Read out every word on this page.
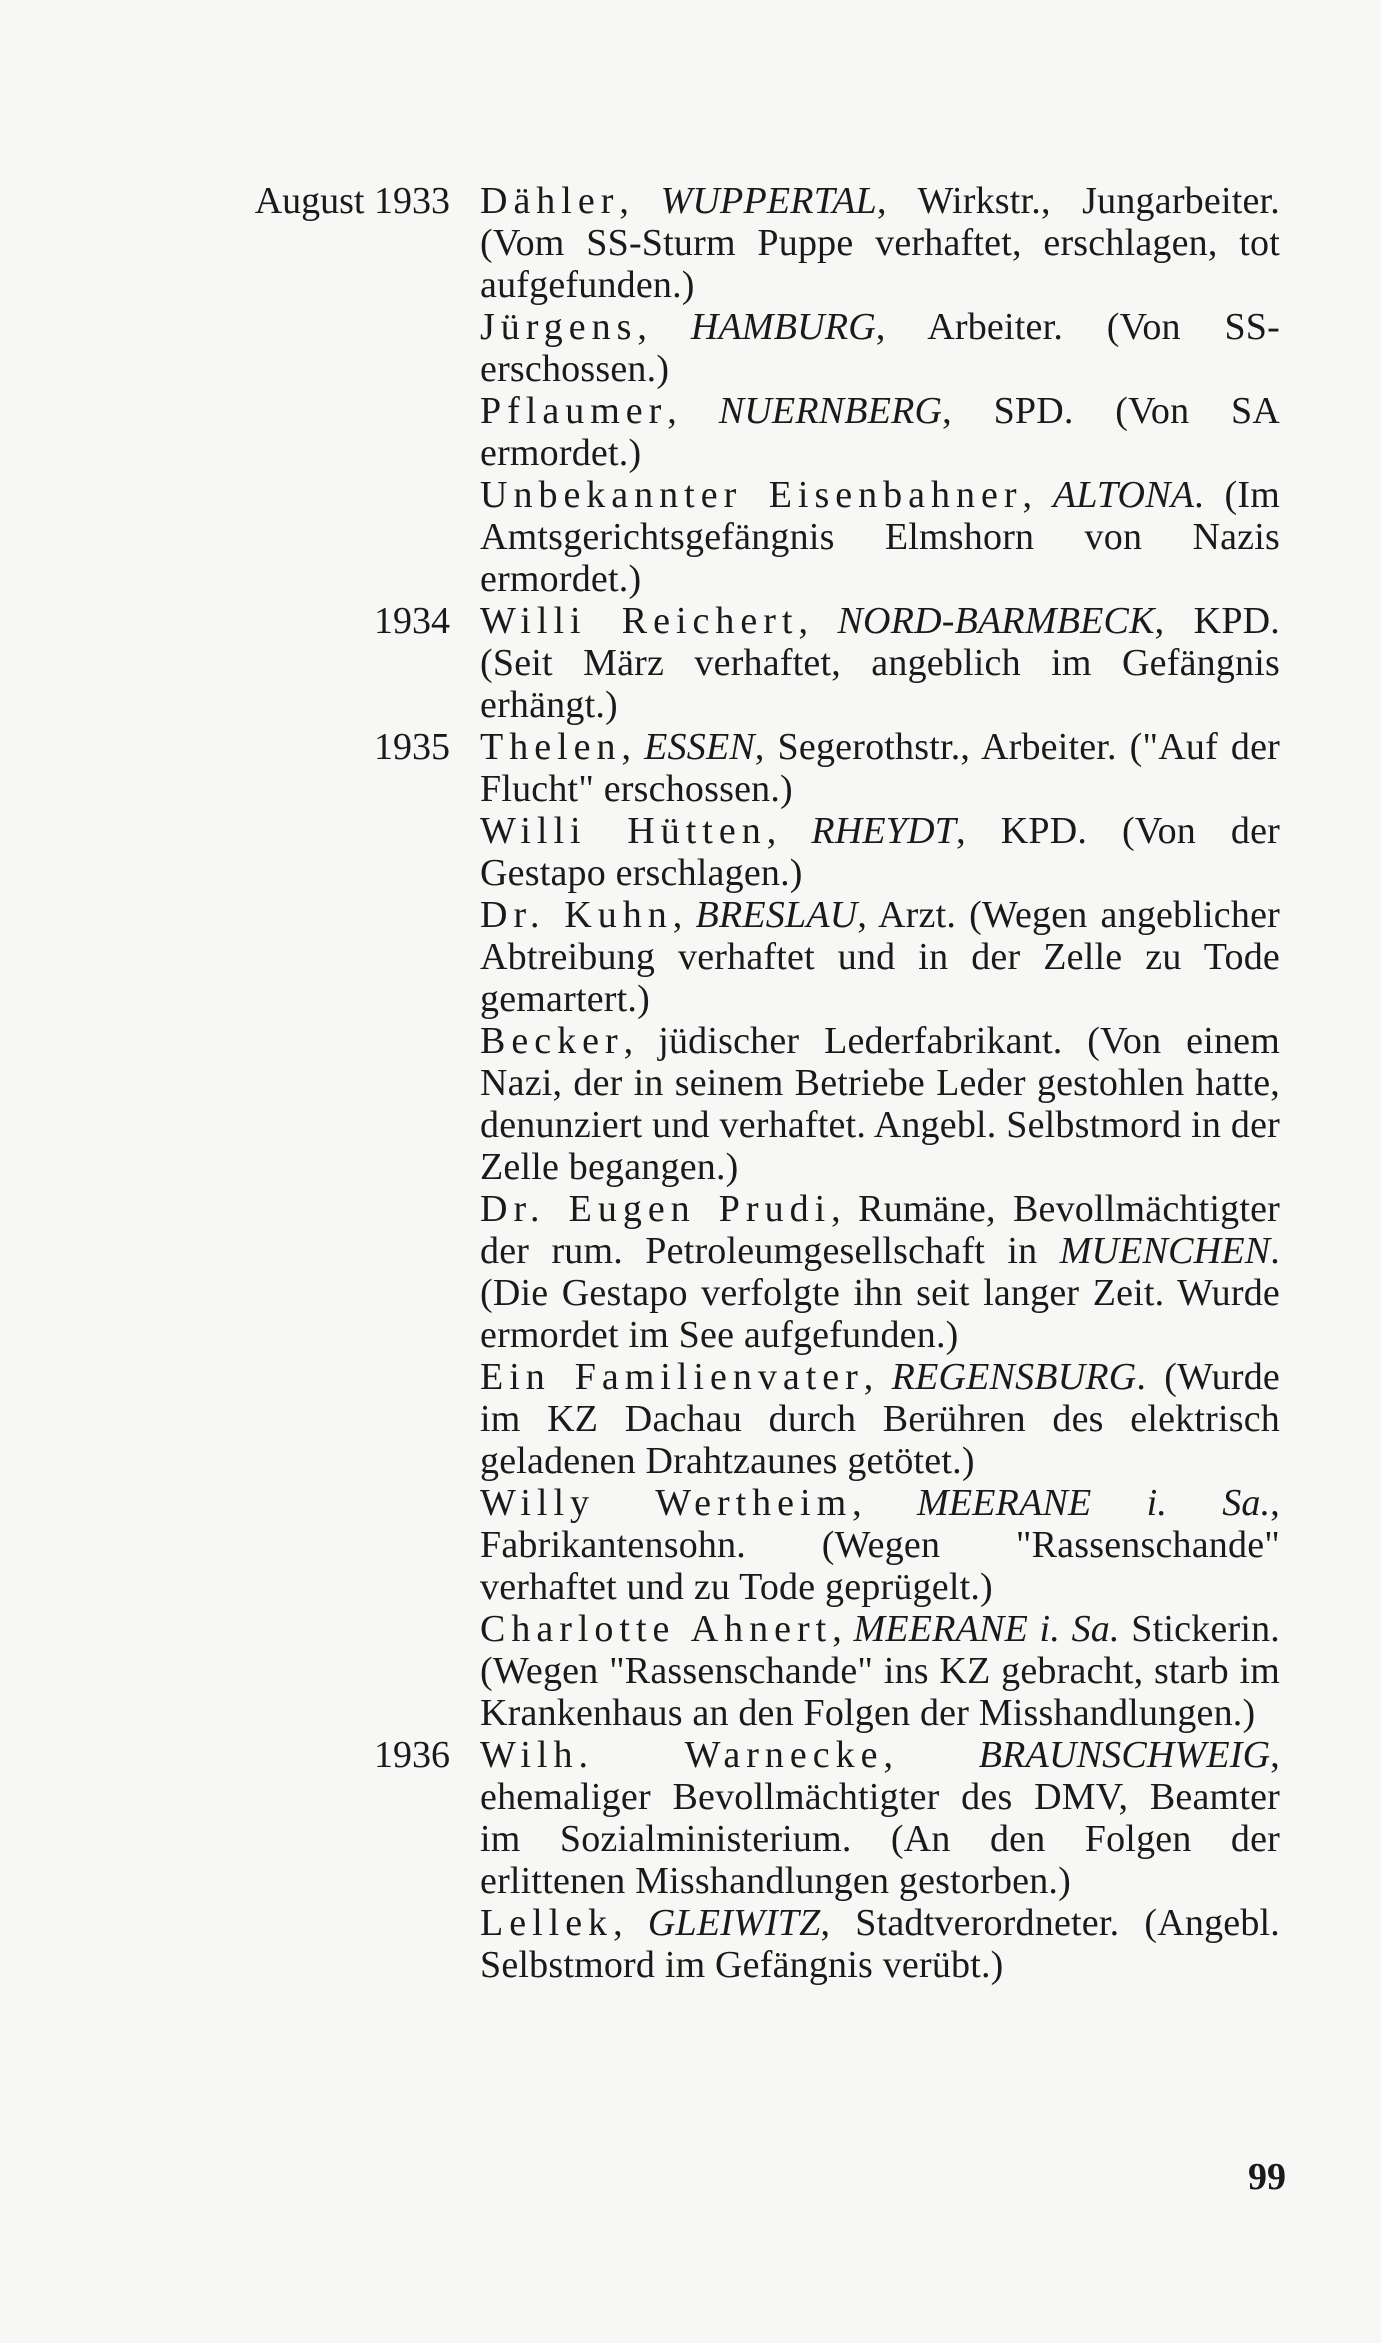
August 1933 Dähler, WUPPERTAL, Wirkstr., Jungarbeiter. (Vom SS-Sturm Puppe verhaftet, erschlagen, tot aufgefunden.)
Jürgens, HAMBURG, Arbeiter. (Von SS-erschossen.)
Pflaumer, NUERNBERG, SPD. (Von SA ermordet.)
Unbekannter Eisenbahner, ALTONA. (Im Amtsgerichtsgefängnis Elmshorn von Nazis ermordet.)
1934 Willi Reichert, NORD-BARMBECK, KPD. (Seit März verhaftet, angeblich im Gefängnis erhängt.)
1935 Thelen, ESSEN, Segerothstr., Arbeiter. ("Auf der Flucht" erschossen.)
Willi Hütten, RHEYDT, KPD. (Von der Gestapo erschlagen.)
Dr. Kuhn, BRESLAU, Arzt. (Wegen angeblicher Abtreibung verhaftet und in der Zelle zu Tode gemartert.)
Becker, jüdischer Lederfabrikant. (Von einem Nazi, der in seinem Betriebe Leder gestohlen hatte, denunziert und verhaftet. Angebl. Selbstmord in der Zelle begangen.)
Dr. Eugen Prudi, Rumäne, Bevollmächtigter der rum. Petroleumgesellschaft in MUENCHEN. (Die Gestapo verfolgte ihn seit langer Zeit. Wurde ermordet im See aufgefunden.)
Ein Familienvater, REGENSBURG. (Wurde im KZ Dachau durch Berühren des elektrisch geladenen Drahtzaunes getötet.)
Willy Wertheim, MEERANE i. Sa., Fabrikantensohn. (Wegen "Rassenschande" verhaftet und zu Tode geprügelt.)
Charlotte Ahnert, MEERANE i. Sa. Stickerin. (Wegen "Rassenschande" ins KZ gebracht, starb im Krankenhaus an den Folgen der Misshandlungen.)
1936 Wilh. Warnecke, BRAUNSCHWEIG, ehemaliger Bevollmächtigter des DMV, Beamter im Sozialministerium. (An den Folgen der erlittenen Misshandlungen gestorben.)
Lellek, GLEIWITZ, Stadtverordneter. (Angebl. Selbstmord im Gefängnis verübt.)
99
